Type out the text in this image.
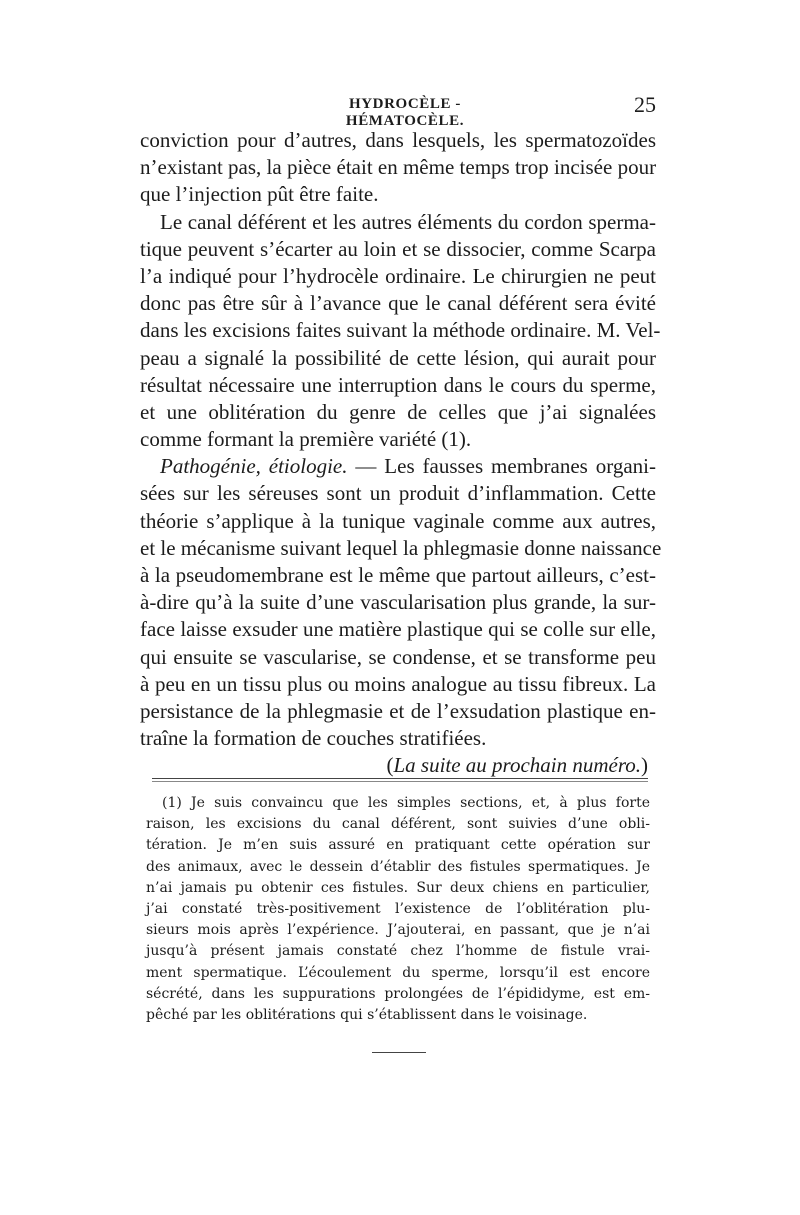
HYDROCÈLE - HÉMATOCÈLE.
25
conviction pour d’autres, dans lesquels, les spermatozoïdes
n’existant pas, la pièce était en même temps trop incisée pour
que l’injection pût être faite.
Le canal déférent et les autres éléments du cordon sperma-
tique peuvent s’écarter au loin et se dissocier, comme Scarpa
l’a indiqué pour l’hydrocèle ordinaire. Le chirurgien ne peut
donc pas être sûr à l’avance que le canal déférent sera évité
dans les excisions faites suivant la méthode ordinaire. M. Vel-
peau a signalé la possibilité de cette lésion, qui aurait pour
résultat nécessaire une interruption dans le cours du sperme,
et une oblitération du genre de celles que j’ai signalées
comme formant la première variété (1).
Pathogénie, étiologie. — Les fausses membranes organi-
sées sur les séreuses sont un produit d’inflammation. Cette
théorie s’applique à la tunique vaginale comme aux autres,
et le mécanisme suivant lequel la phlegmasie donne naissance
à la pseudomembrane est le même que partout ailleurs, c’est-
à-dire qu’à la suite d’une vascularisation plus grande, la sur-
face laisse exsuder une matière plastique qui se colle sur elle,
qui ensuite se vascularise, se condense, et se transforme peu
à peu en un tissu plus ou moins analogue au tissu fibreux. La
persistance de la phlegmasie et de l’exsudation plastique en-
traîne la formation de couches stratifiées.
(La suite au prochain numéro.)
(1) Je suis convaincu que les simples sections, et, à plus forte
raison, les excisions du canal déférent, sont suivies d’une obli-
tération. Je m’en suis assuré en pratiquant cette opération sur
des animaux, avec le dessein d’établir des fistules spermatiques. Je
n’ai jamais pu obtenir ces fistules. Sur deux chiens en particulier,
j’ai constaté très-positivement l’existence de l’oblitération plu-
sieurs mois après l’expérience. J’ajouterai, en passant, que je n’ai
jusqu’à présent jamais constaté chez l’homme de fistule vrai-
ment spermatique. L’écoulement du sperme, lorsqu’il est encore
sécrété, dans les suppurations prolongées de l’épididyme, est em-
pêché par les oblitérations qui s’établissent dans le voisinage.
